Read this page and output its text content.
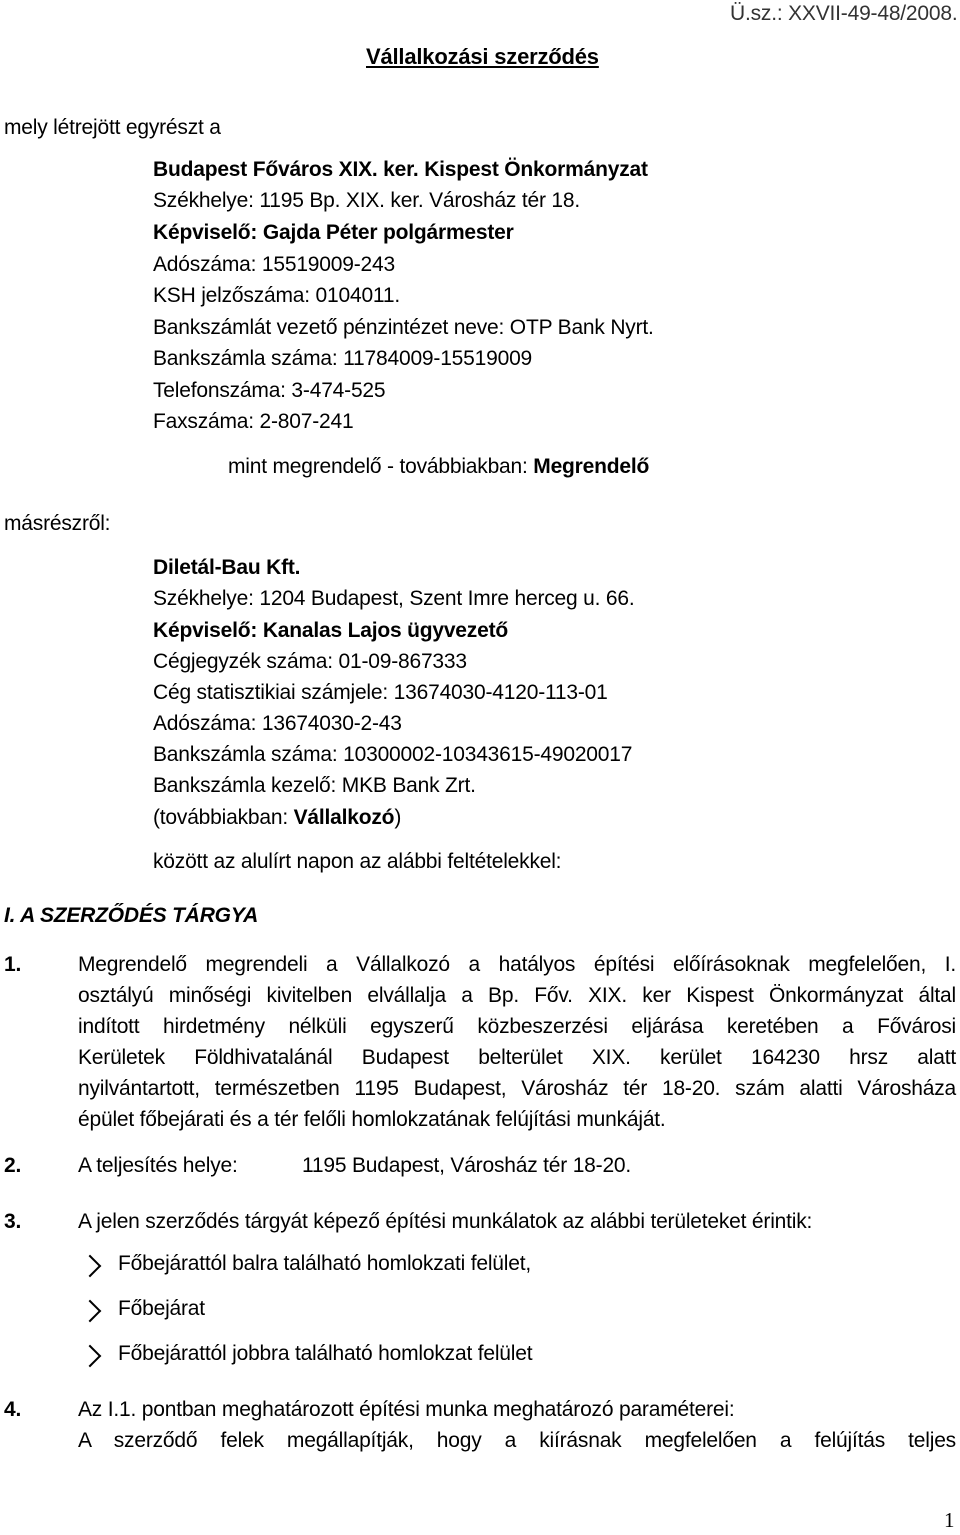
Ü.sz.: XXVII-49-48/2008.
Vállalkozási szerződés
mely létrejött egyrészt a
Budapest Főváros XIX. ker. Kispest Önkormányzat
Székhelye: 1195 Bp. XIX. ker. Városház tér 18.
Képviselő: Gajda Péter polgármester
Adószáma: 15519009-243
KSH jelzőszáma: 0104011.
Bankszámlát vezető pénzintézet neve: OTP Bank Nyrt.
Bankszámla száma: 11784009-15519009
Telefonszáma: 3-474-525
Faxszáma: 2-807-241
mint megrendelő - továbbiakban: Megrendelő
másrészről:
Diletál-Bau Kft.
Székhelye: 1204 Budapest, Szent Imre herceg u. 66.
Képviselő: Kanalas Lajos ügyvezető
Cégjegyzék száma: 01-09-867333
Cég statisztikiai számjele: 13674030-4120-113-01
Adószáma: 13674030-2-43
Bankszámla száma: 10300002-10343615-49020017
Bankszámla kezelő: MKB Bank Zrt.
(továbbiakban: Vállalkozó)
között az alulírt napon az alábbi feltételekkel:
I. A SZERZŐDÉS TÁRGYA
1.	Megrendelő megrendeli a Vállalkozó a hatályos építési előírásoknak megfelelően, I.
osztályú minőségi kivitelben elvállalja a Bp. Főv. XIX. ker Kispest Önkormányzat által
indított hirdetmény nélküli egyszerű közbeszerzési eljárása keretében a Fővárosi
Kerületek Földhivatalánál Budapest belterület XIX. kerület 164230 hrsz alatt
nyilvántartott, természetben 1195 Budapest, Városház tér 18-20. szám alatti Városháza
épület főbejárati és a tér felőli homlokzatának felújítási munkáját.
2.	A teljesítés helye:	1195 Budapest, Városház tér 18-20.
3.	A jelen szerződés tárgyát képező építési munkálatok az alábbi területeket érintik:
Főbejárattól balra található homlokzati felület,
Főbejárat
Főbejárattól jobbra található homlokzat felület
4.	Az I.1. pontban meghatározott építési munka meghatározó paraméterei:
A szerződő felek megállapítják, hogy a kiírásnak megfelelően a felújítás teljes
1
